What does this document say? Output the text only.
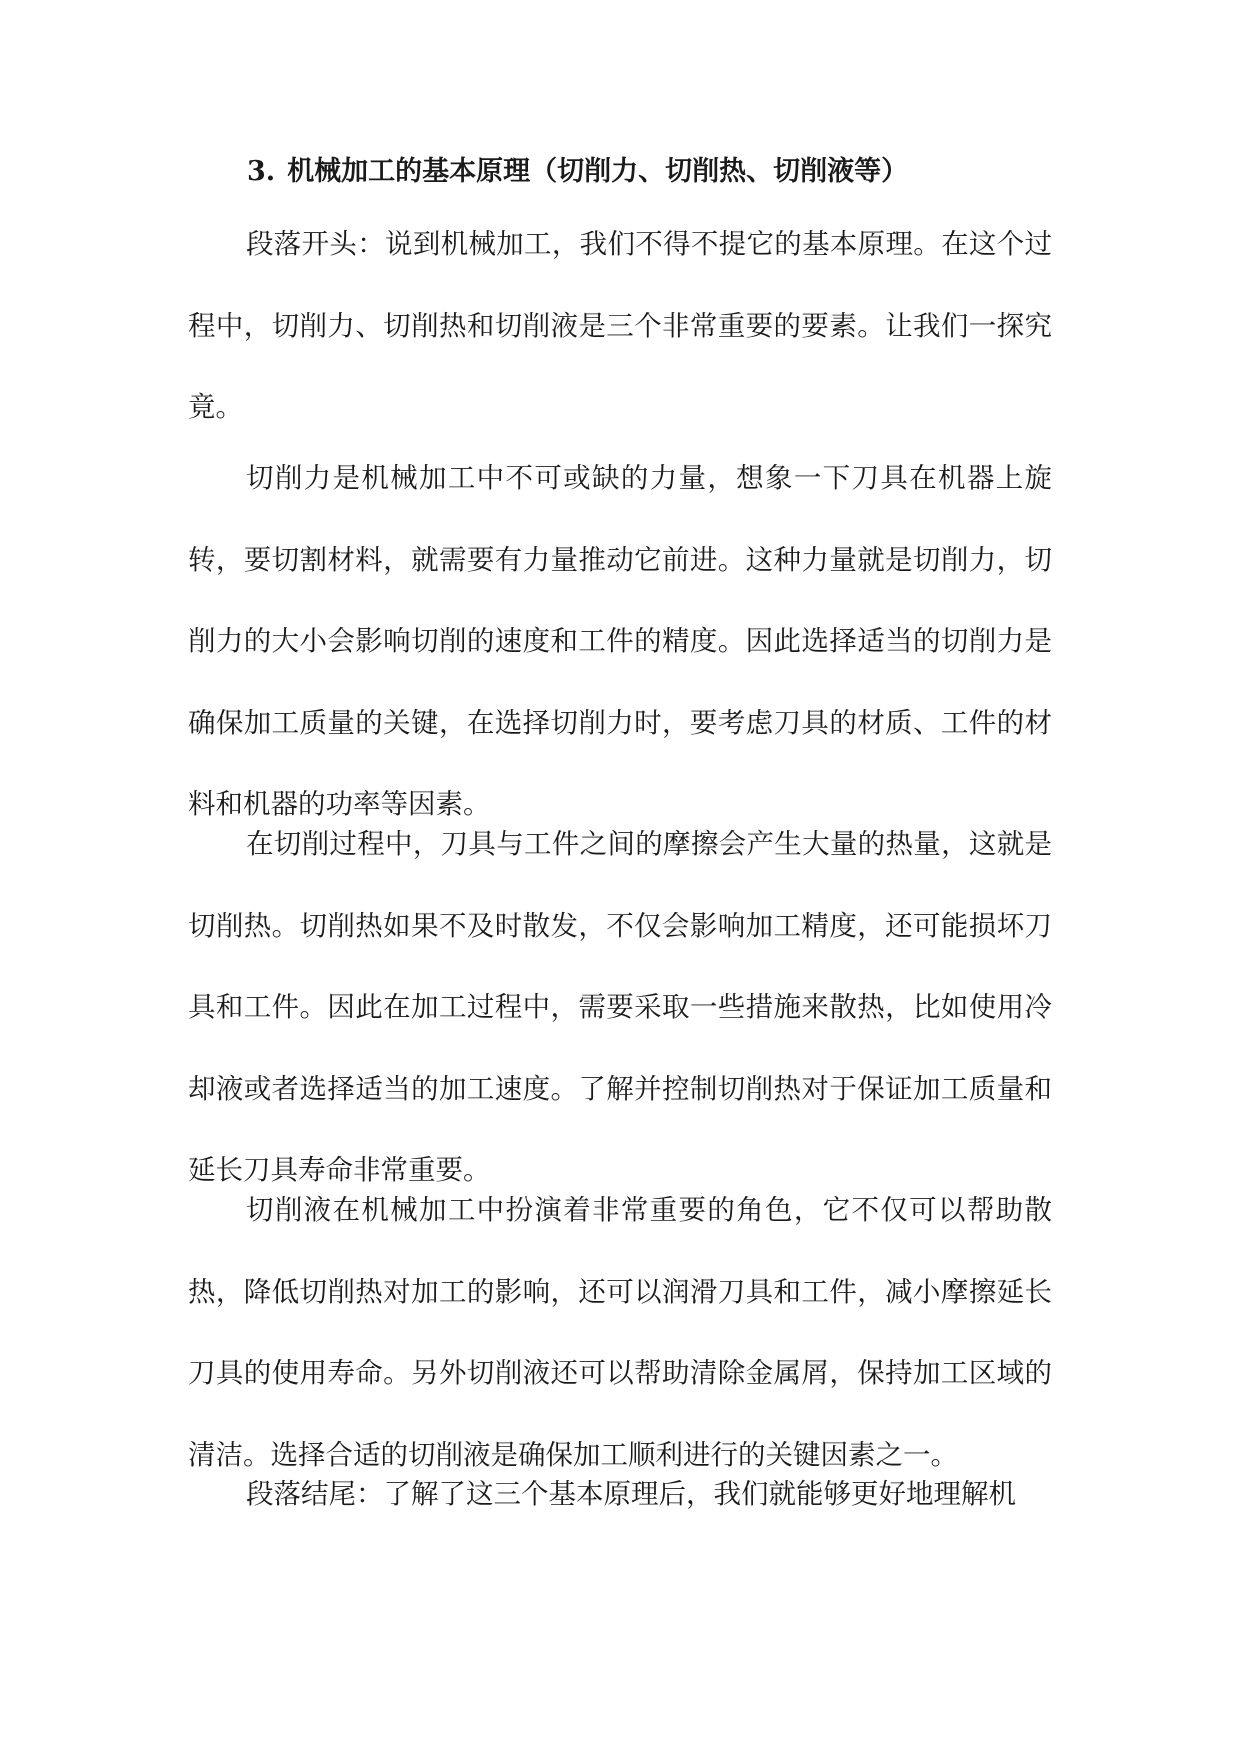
3. 机械加工的基本原理（切削力、切削热、切削液等）

段落开头：说到机械加工，我们不得不提它的基本原理。在这个过程中，切削力、切削热和切削液是三个非常重要的要素。让我们一探究竟。

切削力是机械加工中不可或缺的力量，想象一下刀具在机器上旋转，要切割材料，就需要有力量推动它前进。这种力量就是切削力，切削力的大小会影响切削的速度和工件的精度。因此选择适当的切削力是确保加工质量的关键，在选择切削力时，要考虑刀具的材质、工件的材料和机器的功率等因素。

在切削过程中，刀具与工件之间的摩擦会产生大量的热量，这就是切削热。切削热如果不及时散发，不仅会影响加工精度，还可能损坏刀具和工件。因此在加工过程中，需要采取一些措施来散热，比如使用冷却液或者选择适当的加工速度。了解并控制切削热对于保证加工质量和延长刀具寿命非常重要。

切削液在机械加工中扮演着非常重要的角色，它不仅可以帮助散热，降低切削热对加工的影响，还可以润滑刀具和工件，减小摩擦延长刀具的使用寿命。另外切削液还可以帮助清除金属屑，保持加工区域的清洁。选择合适的切削液是确保加工顺利进行的关键因素之一。

段落结尾：了解了这三个基本原理后，我们就能够更好地理解机
